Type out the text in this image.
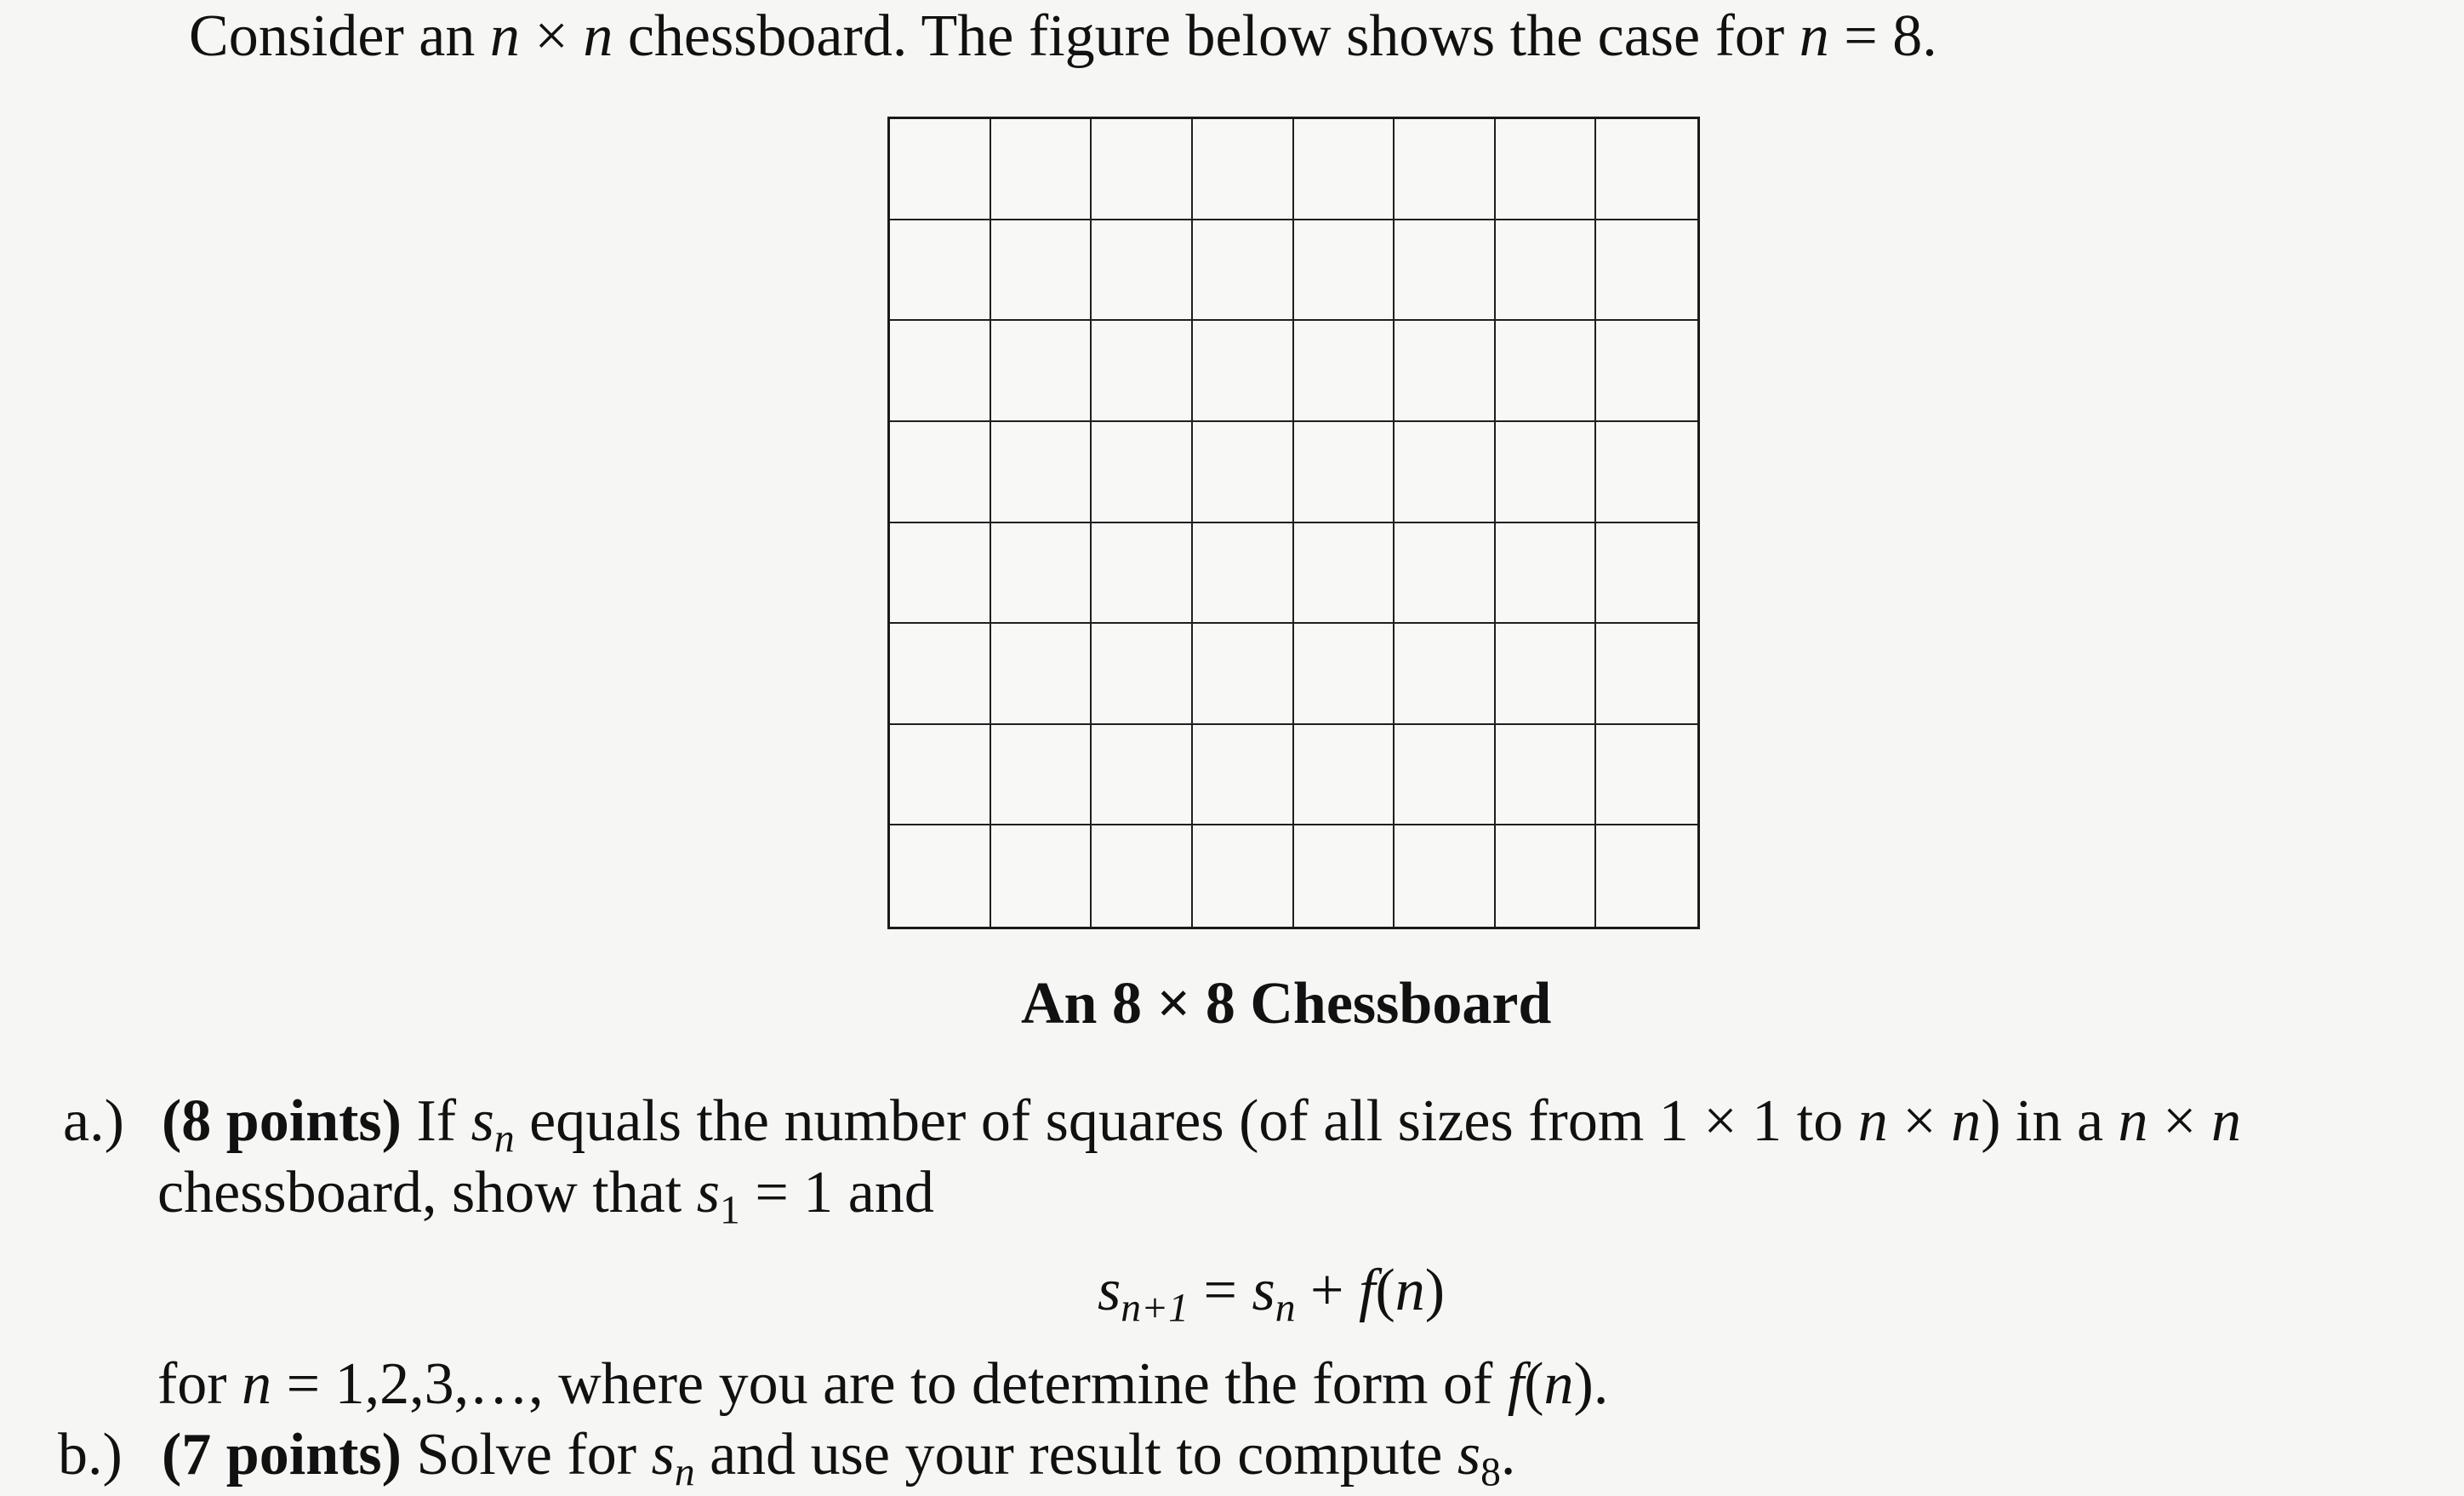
Consider an n × n chessboard. The figure below shows the case for n = 8.
An 8 × 8 Chessboard
a.) (8 points) If $s_n$ equals the number of squares (of all sizes from 1 × 1 to n × n) in a n × n
chessboard, show that $s_1 = 1$ and
$s_{n+1} = s_n + f(n)$
for n = 1,2,3,…, where you are to determine the form of f(n).
b.) (7 points) Solve for $s_n$ and use your result to compute $s_8$.
